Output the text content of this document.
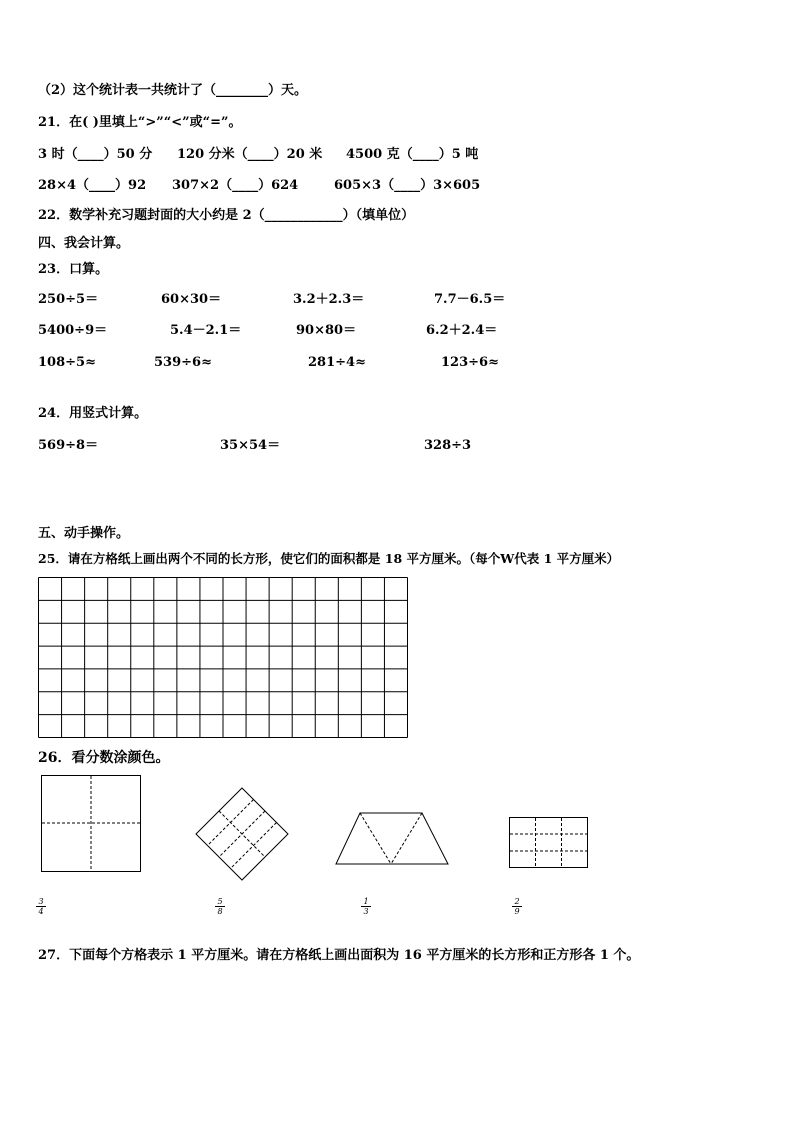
（2）这个统计表一共统计了（________）天。
21．在( )里填上“>”“<”或“=”。
3 时（____）50 分 120 分米（____）20 米 4500 克（____）5 吨
28×4（____）92 307×2（____）624	605×3（____）3×605
22．数学补充习题封面的大小约是 2（____________）（填单位）
四、我会计算。
23．口算。
250÷5＝	60×30＝	3.2＋2.3＝	7.7－6.5＝
5400÷9＝	5.4－2.1＝	90×80＝	6.2＋2.4＝
108÷5≈	539÷6≈	281÷4≈	123÷6≈
24．用竖式计算。
569÷8＝	35×54＝	328÷3
五、动手操作。
25．请在方格纸上画出两个不同的长方形，使它们的面积都是 18 平方厘米。（每个W代表 1 平方厘米）
26．看分数涂颜色。
$\frac{3}{4}$	$\frac{5}{8}$	$\frac{1}{3}$	$\frac{2}{9}$
27．下面每个方格表示 1 平方厘米。请在方格纸上画出面积为 16 平方厘米的长方形和正方形各 1 个。
